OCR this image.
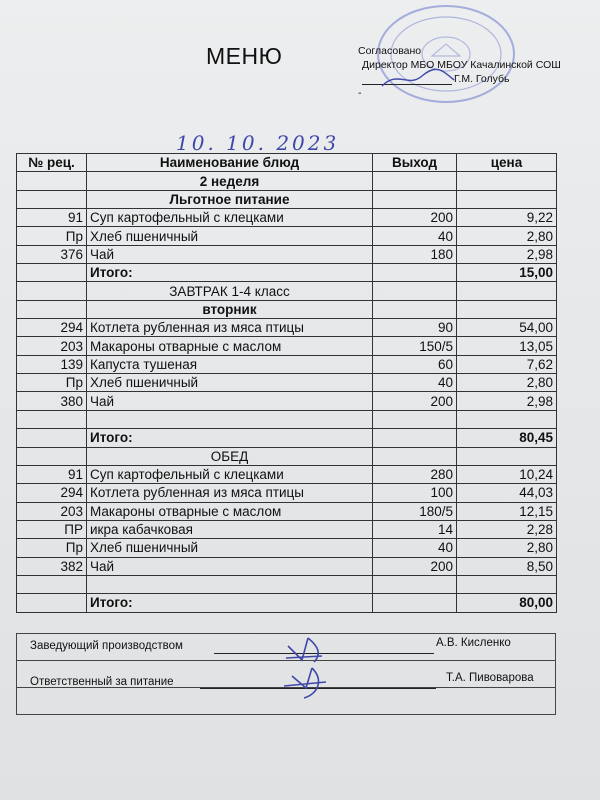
МЕНЮ	Согласовано
Директор МБО МБОУ Качалинской СОШ
Г.М. Голубь
-
10. 10. 2023
№ рец.	Наименование блюд	Выход	цена
	2 неделя		
	Льготное питание		
91	Суп картофельный с клецками	200	9,22
Пр	Хлеб пшеничный	40	2,80
376	Чай	180	2,98
	Итого:		15,00
	ЗАВТРАК 1-4 класс		
	вторник		
294	Котлета рубленная из мяса птицы	90	54,00
203	Макароны отварные с маслом	150/5	13,05
139	Капуста тушеная	60	7,62
Пр	Хлеб пшеничный	40	2,80
380	Чай	200	2,98

	Итого:		80,45
	ОБЕД		
91	Суп картофельный с клецками	280	10,24
294	Котлета рубленная из мяса птицы	100	44,03
203	Макароны отварные с маслом	180/5	12,15
ПР	икра кабачковая	14	2,28
Пр	Хлеб пшеничный	40	2,80
382	Чай	200	8,50

	Итого:		80,00
Заведующий производством	А.В. Кисленко
Ответственный за питание	Т.А. Пивоварова
